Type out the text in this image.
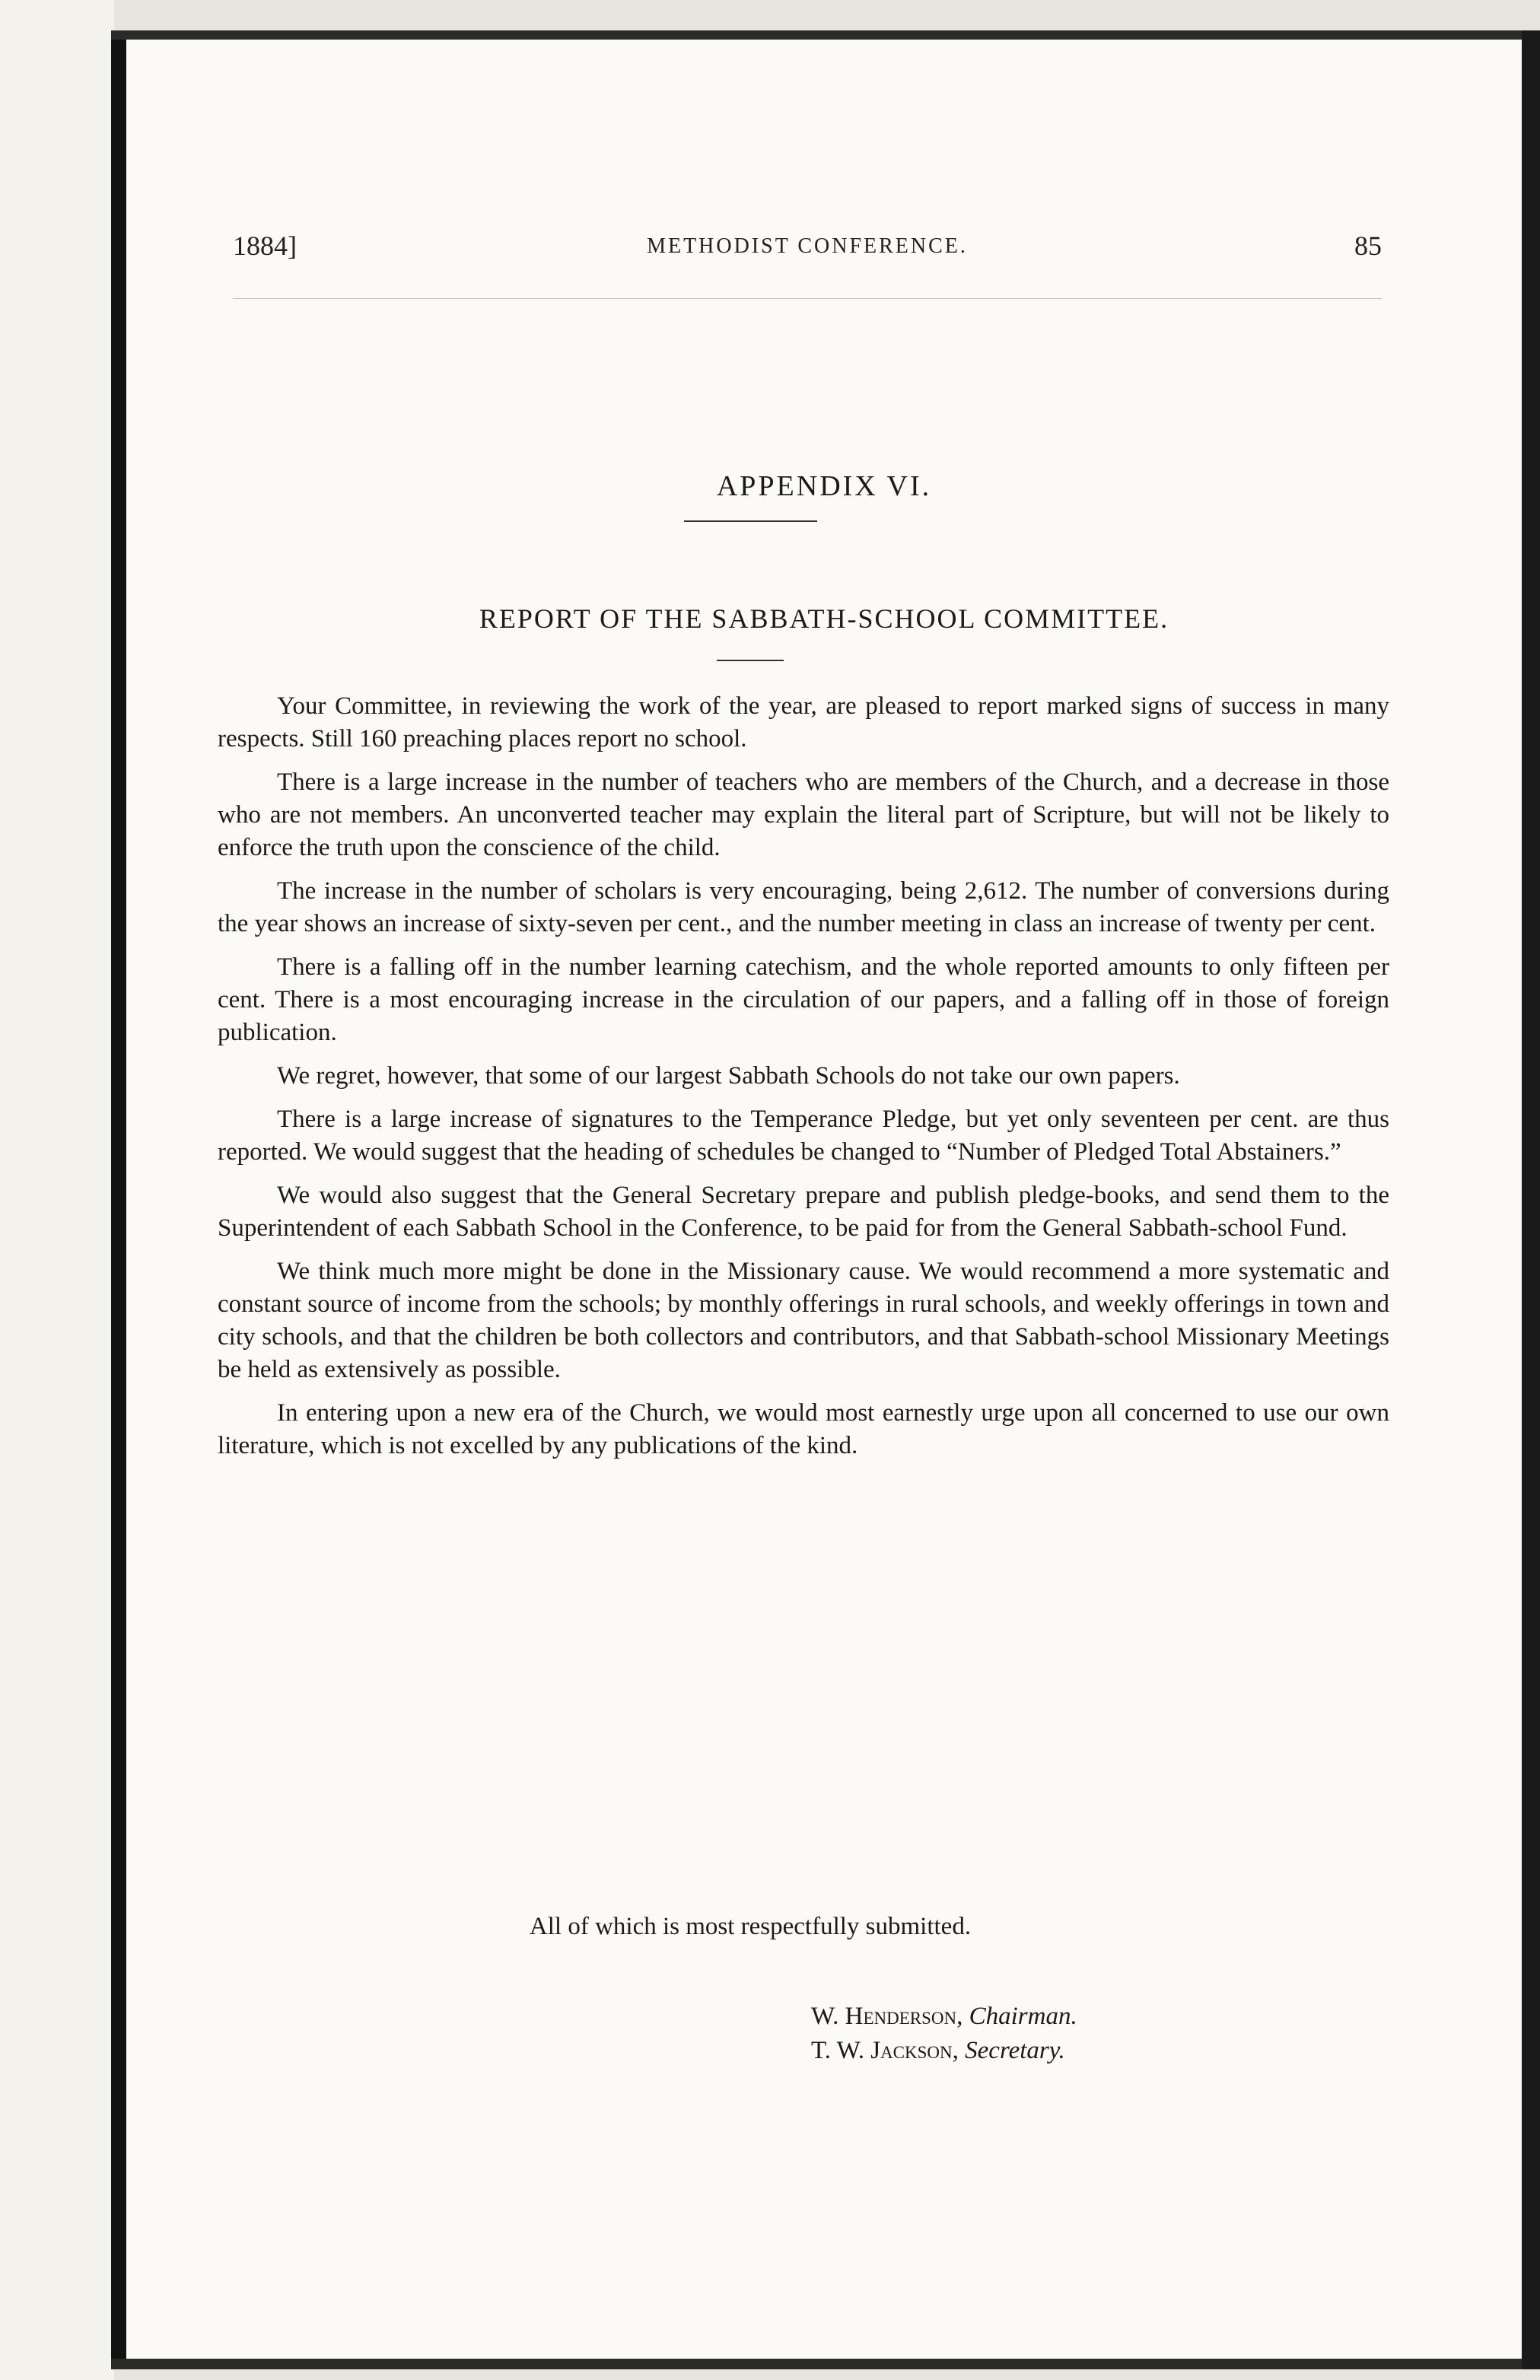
1884]	METHODIST CONFERENCE.	85
APPENDIX VI.
REPORT OF THE SABBATH-SCHOOL COMMITTEE.

Your Committee, in reviewing the work of the year, are pleased to report marked signs of success in many respects. Still 160 preaching places report no school.

There is a large increase in the number of teachers who are members of the Church, and a decrease in those who are not members. An unconverted teacher may explain the literal part of Scripture, but will not be likely to enforce the truth upon the conscience of the child.

The increase in the number of scholars is very encouraging, being 2,612. The number of conversions during the year shows an increase of sixty-seven per cent., and the number meeting in class an increase of twenty per cent.

There is a falling off in the number learning catechism, and the whole reported amounts to only fifteen per cent. There is a most encouraging increase in the circulation of our papers, and a falling off in those of foreign publication.

We regret, however, that some of our largest Sabbath Schools do not take our own papers.

There is a large increase of signatures to the Temperance Pledge, but yet only seventeen per cent. are thus reported. We would suggest that the heading of schedules be changed to “Number of Pledged Total Abstainers.”

We would also suggest that the General Secretary prepare and publish pledge-books, and send them to the Superintendent of each Sabbath School in the Conference, to be paid for from the General Sabbath-school Fund.

We think much more might be done in the Missionary cause. We would recommend a more systematic and constant source of income from the schools; by monthly offerings in rural schools, and weekly offerings in town and city schools, and that the children be both collectors and contributors, and that Sabbath-school Missionary Meetings be held as extensively as possible.

In entering upon a new era of the Church, we would most earnestly urge upon all concerned to use our own literature, which is not excelled by any publications of the kind.

All of which is most respectfully submitted.
W. Henderson, Chairman.
T. W. Jackson, Secretary.
